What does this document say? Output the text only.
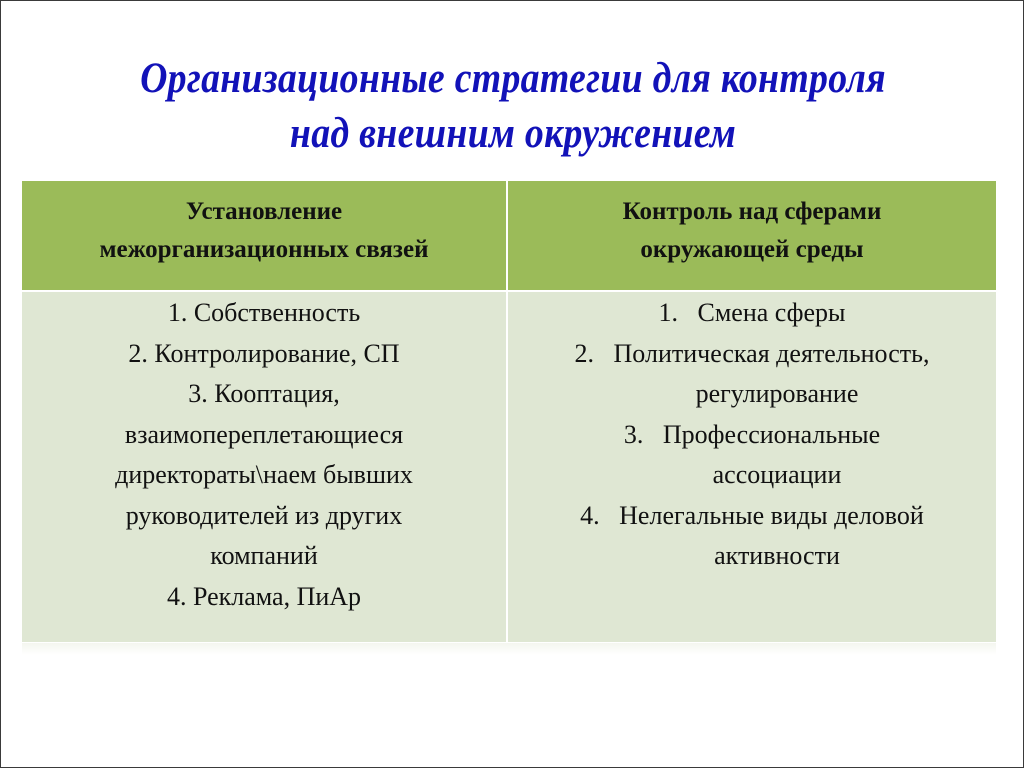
Организационные стратегии для контроля
над внешним окружением
Установление
межорганизационных связей
Контроль над сферами
окружающей среды
1. Собственность
2. Контролирование, СП
3. Кооптация,
взаимопереплетающиеся
директораты\наем бывших
руководителей из других
компаний
4. Реклама, ПиАр
1.   Смена сферы
2.   Политическая деятельность,
регулирование
3.   Профессиональные
ассоциации
4.   Нелегальные виды деловой
активности
